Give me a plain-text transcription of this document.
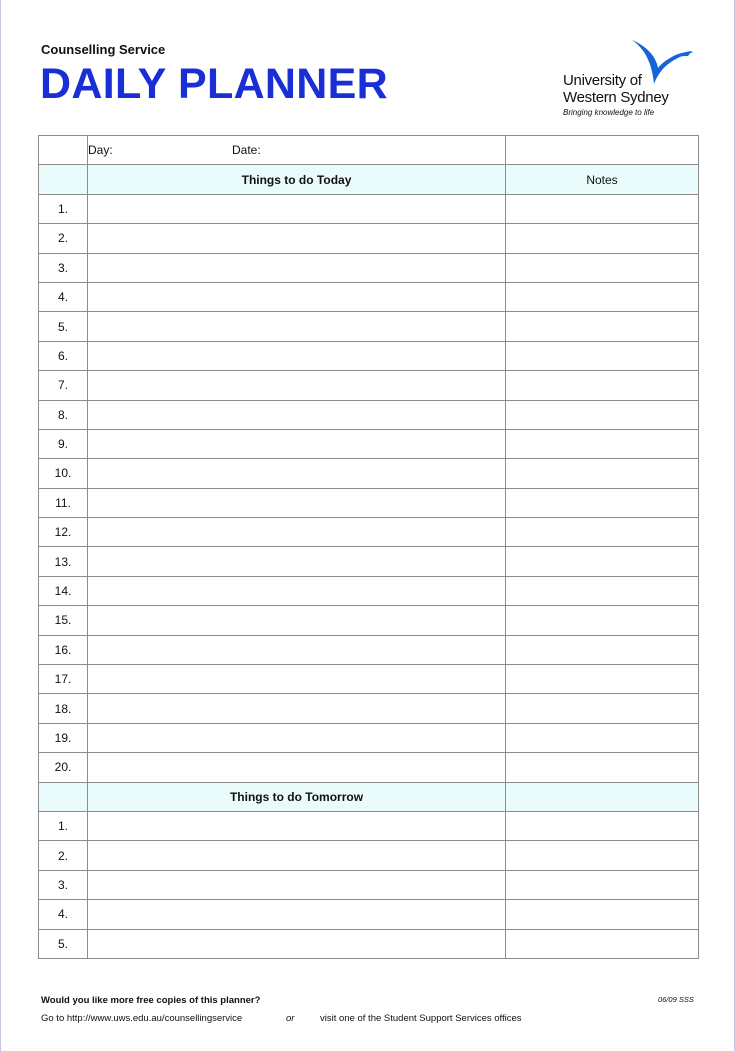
Counselling Service
DAILY PLANNER	University of
Western Sydney
Bringing knowledge to life
	Day: Date:	
	Things to do Today	Notes
1.		
2.		
3.		
4.		
5.		
6.		
7.		
8.		
9.		
10.		
11.		
12.		
13.		
14.		
15.		
16.		
17.		
18.		
19.		
20.		
	Things to do Tomorrow	
1.		
2.		
3.		
4.		
5.		
Would you like more free copies of this planner?	06/09 SSS
Go to http://www.uws.edu.au/counsellingservice	or	visit one of the Student Support Services offices
